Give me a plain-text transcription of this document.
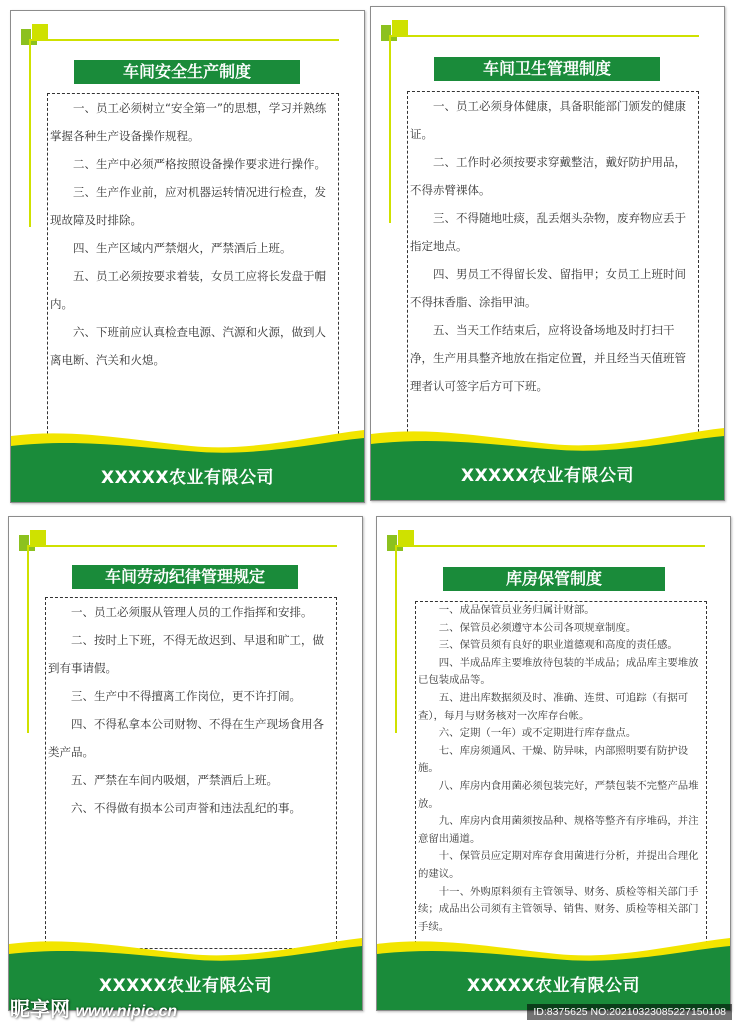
车间安全生产制度

一、员工必须树立“安全第一”的思想，学习并熟练掌握各种生产设备操作规程。

二、生产中必须严格按照设备操作要求进行操作。

三、生产作业前，应对机器运转情况进行检查，发现故障及时排除。

四、生产区域内严禁烟火，严禁酒后上班。

五、员工必须按要求着装，女员工应将长发盘于帽内。

六、下班前应认真检查电源、汽源和火源，做到人离电断、汽关和火熄。

XXXXX农业有限公司
车间卫生管理制度

一、员工必须身体健康，具备职能部门颁发的健康证。

二、工作时必须按要求穿戴整洁，戴好防护用品，不得赤臂裸体。

三、不得随地吐痰，乱丢烟头杂物，废弃物应丢于指定地点。

四、男员工不得留长发、留指甲；女员工上班时间不得抹香脂、涂指甲油。

五、当天工作结束后，应将设备场地及时打扫干净，生产用具整齐地放在指定位置，并且经当天值班管理者认可签字后方可下班。

XXXXX农业有限公司
车间劳动纪律管理规定

一、员工必须服从管理人员的工作指挥和安排。

二、按时上下班，不得无故迟到、早退和旷工，做到有事请假。

三、生产中不得擅离工作岗位，更不许打闹。

四、不得私拿本公司财物、不得在生产现场食用各类产品。

五、严禁在车间内吸烟，严禁酒后上班。

六、不得做有损本公司声誉和违法乱纪的事。

XXXXX农业有限公司
库房保管制度

一、成品保管员业务归属计财部。

二、保管员必须遵守本公司各项规章制度。

三、保管员须有良好的职业道德观和高度的责任感。

四、半成品库主要堆放待包装的半成品；成品库主要堆放已包装成品等。

五、进出库数据须及时、准确、连贯、可追踪（有据可查），每月与财务核对一次库存台帐。

六、定期（一年）或不定期进行库存盘点。

七、库房须通风、干燥、防异味，内部照明要有防护设施。

八、库房内食用菌必须包装完好，严禁包装不完整产品堆放。

九、库房内食用菌须按品种、规格等整齐有序堆码，并注意留出通道。

十、保管员应定期对库存食用菌进行分析，并提出合理化的建议。

十一、外购原料须有主管领导、财务、质检等相关部门手续；成品出公司须有主管领导、销售、财务、质检等相关部门手续。

XXXXX农业有限公司
昵享网 www.nipic.cn	ID:8375625 NO:20210323085227150108
